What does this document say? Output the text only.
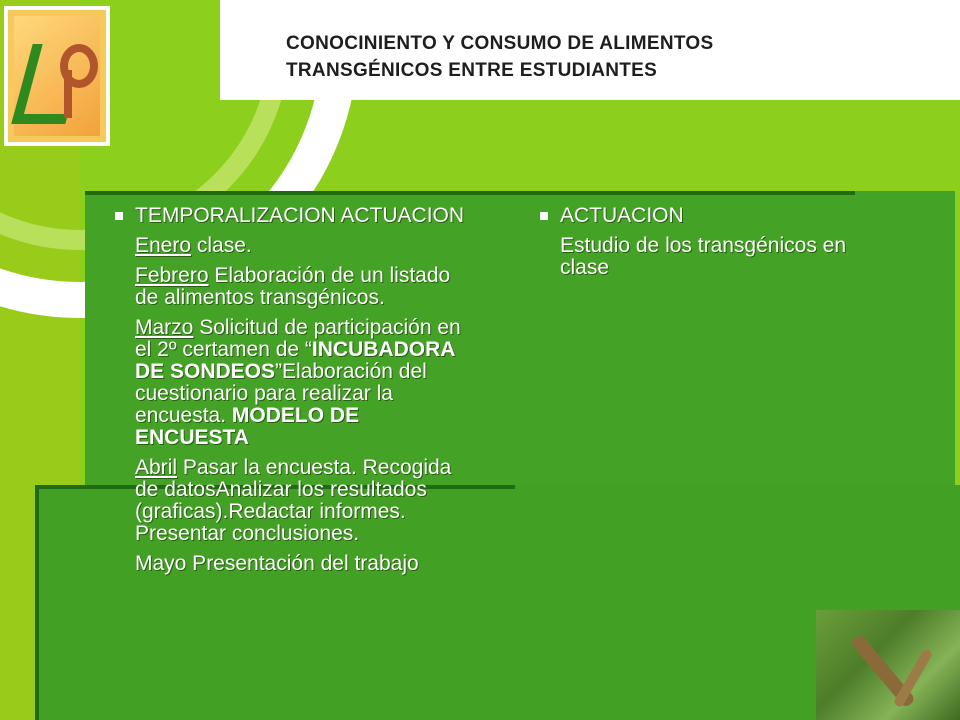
CONOCINIENTO Y CONSUMO DE ALIMENTOS
TRANSGÉNICOS ENTRE ESTUDIANTES
TEMPORALIZACION ACTUACION
Enero clase.
Febrero Elaboración de un listado de alimentos transgénicos.
Marzo Solicitud de participación en el 2º certamen de “INCUBADORA DE SONDEOS”Elaboración del cuestionario para realizar la encuesta. MODELO DE ENCUESTA
Abril Pasar la encuesta. Recogida de datosAnalizar los resultados (graficas).Redactar informes. Presentar conclusiones.
Mayo Presentación del trabajo
ACTUACION
Estudio de los transgénicos en clase
